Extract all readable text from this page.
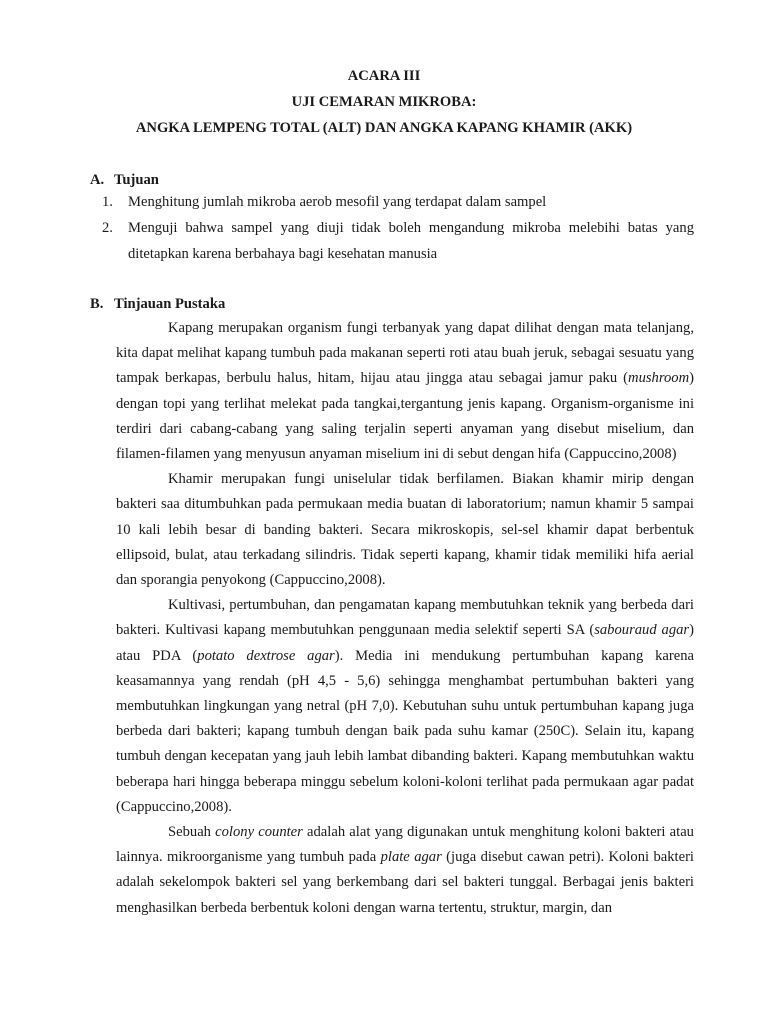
ACARA III
UJI CEMARAN MIKROBA:
ANGKA LEMPENG TOTAL (ALT) DAN ANGKA KAPANG KHAMIR (AKK)
A. Tujuan
1. Menghitung jumlah mikroba aerob mesofil yang terdapat dalam sampel
2. Menguji bahwa sampel yang diuji tidak boleh mengandung mikroba melebihi batas yang ditetapkan karena berbahaya bagi kesehatan manusia
B. Tinjauan Pustaka

Kapang merupakan organism fungi terbanyak yang dapat dilihat dengan mata telanjang, kita dapat melihat kapang tumbuh pada makanan seperti roti atau buah jeruk, sebagai sesuatu yang tampak berkapas, berbulu halus, hitam, hijau atau jingga atau sebagai jamur paku (mushroom) dengan topi yang terlihat melekat pada tangkai,tergantung jenis kapang. Organism-organisme ini terdiri dari cabang-cabang yang saling terjalin seperti anyaman yang disebut miselium, dan filamen-filamen yang menyusun anyaman miselium ini di sebut dengan hifa (Cappuccino,2008)

Khamir merupakan fungi uniselular tidak berfilamen. Biakan khamir mirip dengan bakteri saa ditumbuhkan pada permukaan media buatan di laboratorium; namun khamir 5 sampai 10 kali lebih besar di banding bakteri. Secara mikroskopis, sel-sel khamir dapat berbentuk ellipsoid, bulat, atau terkadang silindris. Tidak seperti kapang, khamir tidak memiliki hifa aerial dan sporangia penyokong (Cappuccino,2008).

Kultivasi, pertumbuhan, dan pengamatan kapang membutuhkan teknik yang berbeda dari bakteri. Kultivasi kapang membutuhkan penggunaan media selektif seperti SA (sabouraud agar) atau PDA (potato dextrose agar). Media ini mendukung pertumbuhan kapang karena keasamannya yang rendah (pH 4,5 - 5,6) sehingga menghambat pertumbuhan bakteri yang membutuhkan lingkungan yang netral (pH 7,0). Kebutuhan suhu untuk pertumbuhan kapang juga berbeda dari bakteri; kapang tumbuh dengan baik pada suhu kamar (250C). Selain itu, kapang tumbuh dengan kecepatan yang jauh lebih lambat dibanding bakteri. Kapang membutuhkan waktu beberapa hari hingga beberapa minggu sebelum koloni-koloni terlihat pada permukaan agar padat (Cappuccino,2008).

Sebuah colony counter adalah alat yang digunakan untuk menghitung koloni bakteri atau lainnya. mikroorganisme yang tumbuh pada plate agar (juga disebut cawan petri). Koloni bakteri adalah sekelompok bakteri sel yang berkembang dari sel bakteri tunggal. Berbagai jenis bakteri menghasilkan berbeda berbentuk koloni dengan warna tertentu, struktur, margin, dan
